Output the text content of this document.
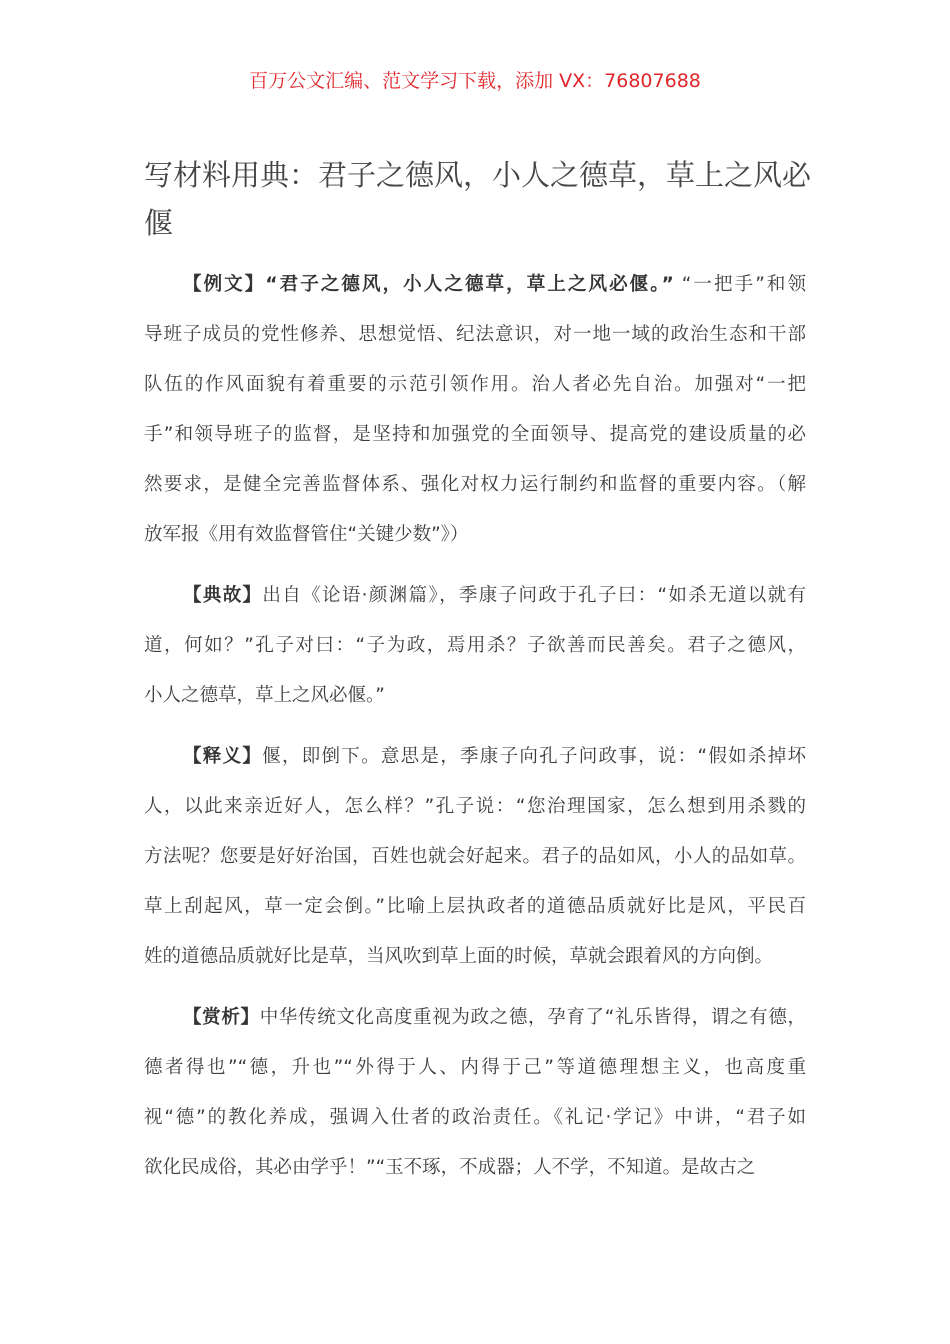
百万公文汇编、范文学习下载，添加 VX：76807688
写材料用典：君子之德风，小人之德草，草上之风必
偃
【例文】“君子之德风，小人之德草，草上之风必偃。” “一把手”和领
导班子成员的党性修养、思想觉悟、纪法意识，对一地一域的政治生态和干部
队伍的作风面貌有着重要的示范引领作用。治人者必先自治。加强对“一把
手”和领导班子的监督，是坚持和加强党的全面领导、提高党的建设质量的必
然要求，是健全完善监督体系、强化对权力运行制约和监督的重要内容。（解
放军报《用有效监督管住“关键少数”》）
【典故】出自《论语·颜渊篇》，季康子问政于孔子曰：“如杀无道以就有
道，何如？”孔子对曰：“子为政，焉用杀？子欲善而民善矣。君子之德风，
小人之德草，草上之风必偃。”
【释义】偃，即倒下。意思是，季康子向孔子问政事，说：“假如杀掉坏
人，以此来亲近好人，怎么样？”孔子说：“您治理国家，怎么想到用杀戮的
方法呢？您要是好好治国，百姓也就会好起来。君子的品如风，小人的品如草。
草上刮起风，草一定会倒。”比喻上层执政者的道德品质就好比是风，平民百
姓的道德品质就好比是草，当风吹到草上面的时候，草就会跟着风的方向倒。
【赏析】中华传统文化高度重视为政之德，孕育了“礼乐皆得，谓之有德，
德者得也”“德，升也”“外得于人、内得于己”等道德理想主义，也高度重
视“德”的教化养成，强调入仕者的政治责任。《礼记·学记》中讲，“君子如
欲化民成俗，其必由学乎！”“玉不琢，不成器；人不学，不知道。是故古之
